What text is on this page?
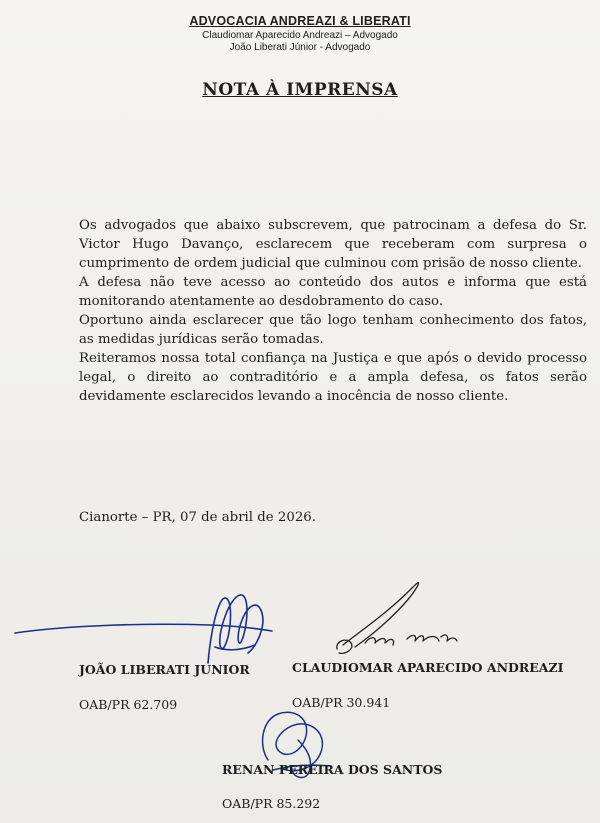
ADVOCACIA ANDREAZI & LIBERATI
Claudiomar Aparecido Andreazi – Advogado
João Liberati Júnior - Advogado
NOTA À IMPRENSA

Os advogados que abaixo subscrevem, que patrocinam a defesa do Sr. Victor Hugo Davanço, esclarecem que receberam com surpresa o cumprimento de ordem judicial que culminou com prisão de nosso cliente.

A defesa não teve acesso ao conteúdo dos autos e informa que está monitorando atentamente ao desdobramento do caso.

Oportuno ainda esclarecer que tão logo tenham conhecimento dos fatos, as medidas jurídicas serão tomadas.

Reiteramos nossa total confiança na Justiça e que após o devido processo legal, o direito ao contraditório e a ampla defesa, os fatos serão devidamente esclarecidos levando a inocência de nosso cliente.

Cianorte – PR, 07 de abril de 2026.
JOÃO LIBERATI JUNIOR
OAB/PR 62.709
CLAUDIOMAR APARECIDO ANDREAZI
OAB/PR 30.941
RENAN PEREIRA DOS SANTOS
OAB/PR 85.292
